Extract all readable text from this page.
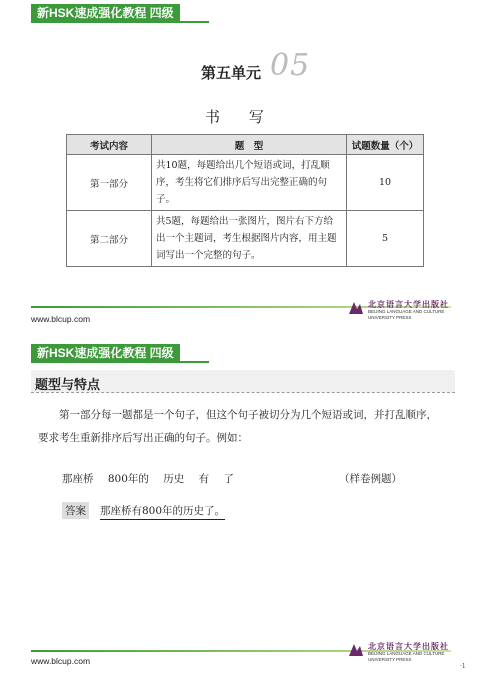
新HSK速成强化教程 四级
第五单元 05
书 写
考试内容	题　型	试题数量（个）
第一部分	共10题，每题给出几个短语或词，打乱顺序，考生将它们排序后写出完整正确的句子。	10
第二部分	共5题，每题给出一张图片，图片右下方给出一个主题词，考生根据图片内容，用主题词写出一个完整的句子。	5
www.blcup.com
北京语言大学出版社
BEIJING LANGUAGE AND CULTURE
UNIVERSITY PRESS
新HSK速成强化教程 四级
题型与特点
第一部分每一题都是一个句子，但这个句子被切分为几个短语或词，并打乱顺序，要求考生重新排序后写出正确的句子。例如：
那座桥 800年的 历史 有 了	（样卷例题）
答案 那座桥有800年的历史了。
www.blcup.com
北京语言大学出版社
BEIJING LANGUAGE AND CULTURE
UNIVERSITY PRESS
·1
